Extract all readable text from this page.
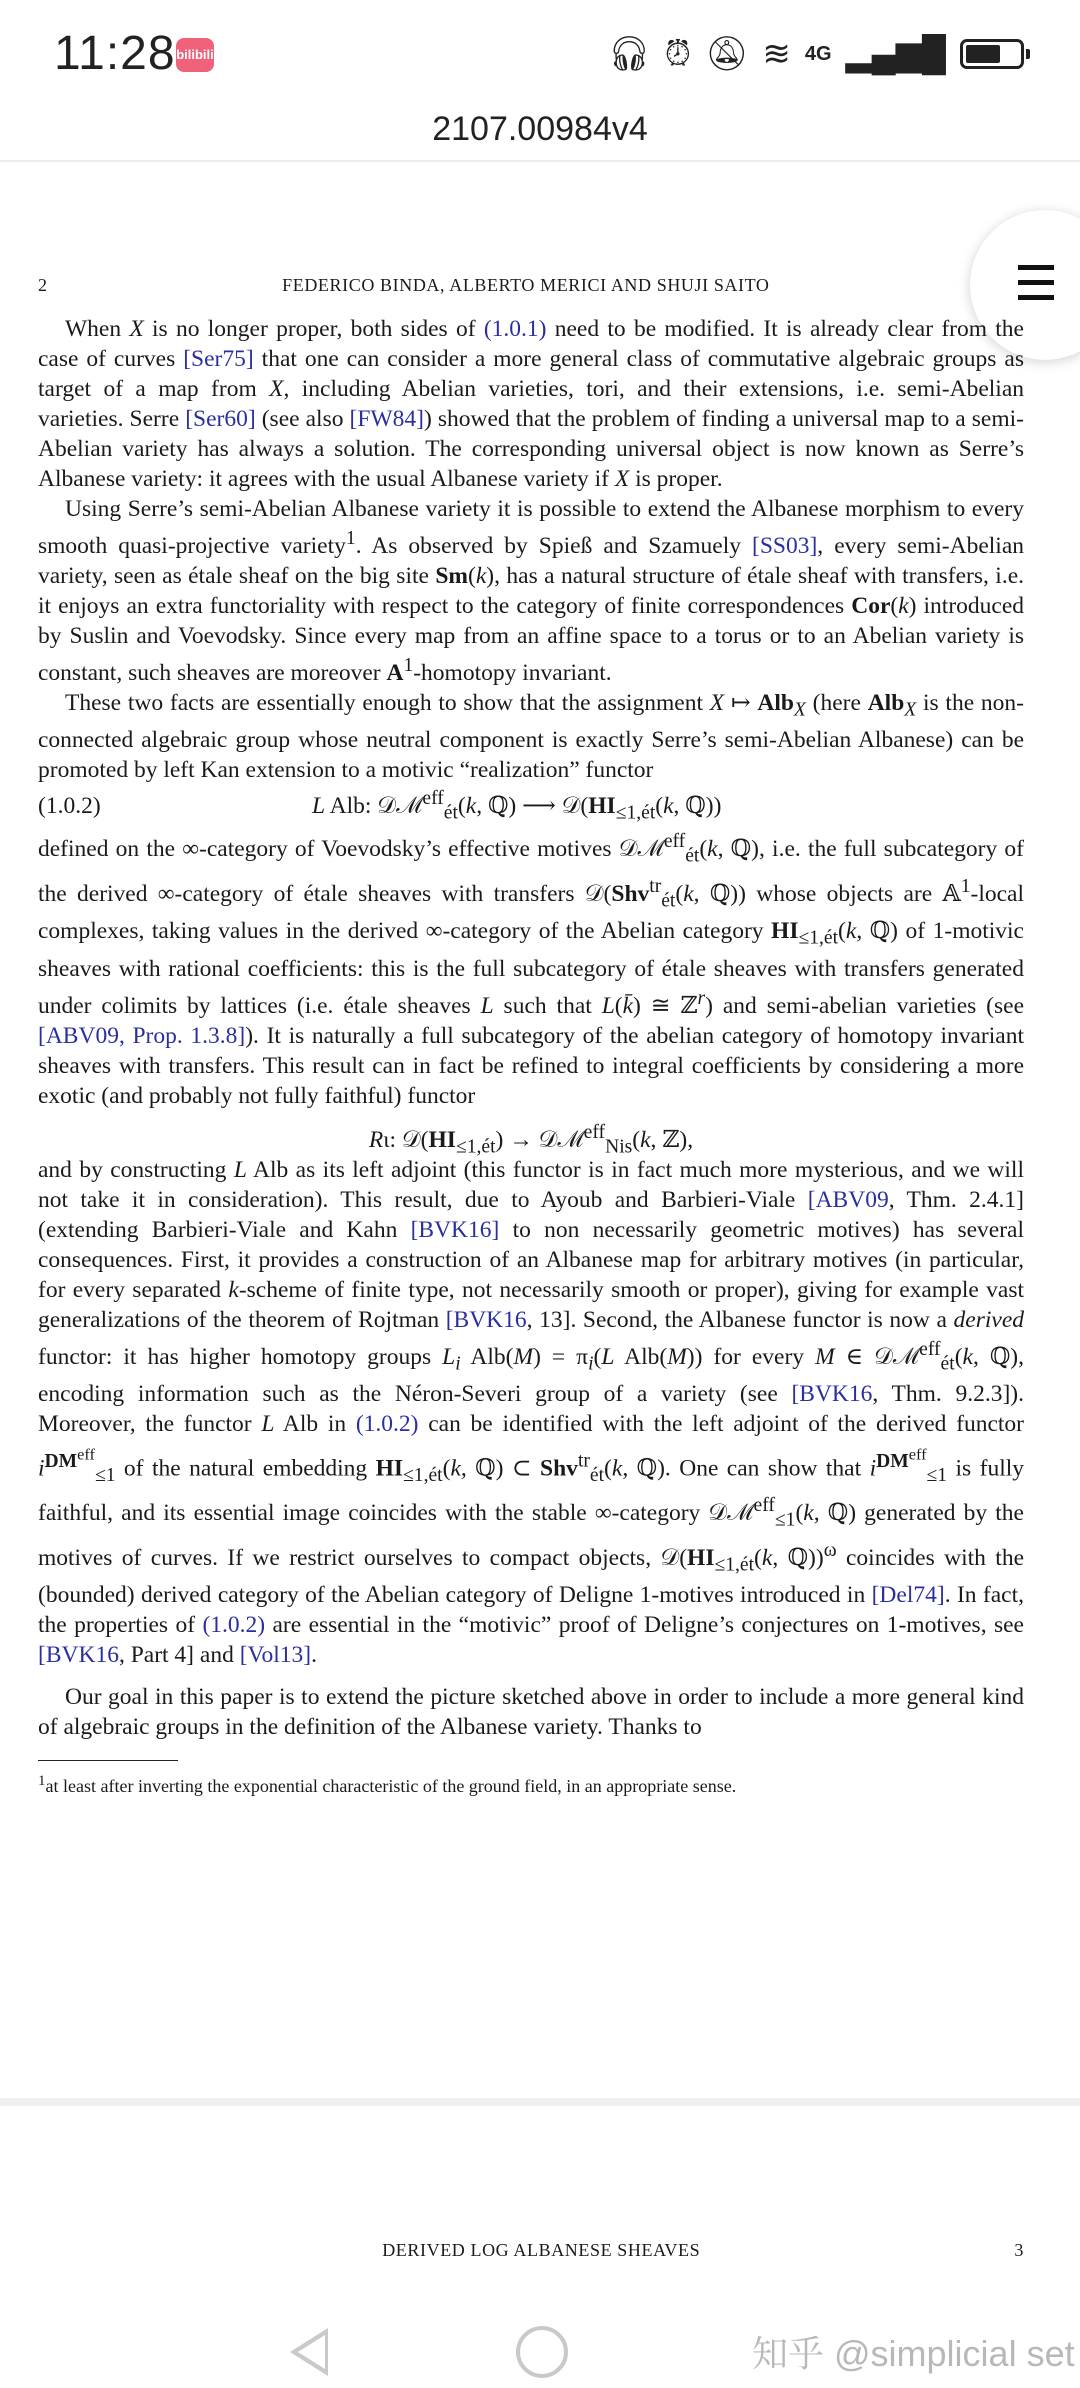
11:28 bilibili	🎧︎ ⏰︎ 🔕︎ ≋ 4G ▂▄▆█
2107.00984v4
2	FEDERICO BINDA, ALBERTO MERICI AND SHUJI SAITO

When X is no longer proper, both sides of (1.0.1) need to be modified. It is already clear from the case of curves [Ser75] that one can consider a more general class of commutative algebraic groups as target of a map from X, including Abelian varieties, tori, and their extensions, i.e. semi-Abelian varieties. Serre [Ser60] (see also [FW84]) showed that the problem of finding a universal map to a semi-Abelian variety has always a solution. The corresponding universal object is now known as Serre’s Albanese variety: it agrees with the usual Albanese variety if X is proper.

Using Serre’s semi-Abelian Albanese variety it is possible to extend the Albanese morphism to every smooth quasi-projective variety$^1$. As observed by Spieß and Szamuely [SS03], every semi-Abelian variety, seen as étale sheaf on the big site Sm(k), has a natural structure of étale sheaf with transfers, i.e. it enjoys an extra functoriality with respect to the category of finite correspondences Cor(k) introduced by Suslin and Voevodsky. Since every map from an affine space to a torus or to an Abelian variety is constant, such sheaves are moreover $A^1$-homotopy invariant.

These two facts are essentially enough to show that the assignment X ↦ Alb$_X$ (here Alb$_X$ is the non-connected algebraic group whose neutral component is exactly Serre’s semi-Abelian Albanese) can be promoted by left Kan extension to a motivic “realization” functor

(1.0.2)	L Alb: 𝒟ℳ$^{eff}_{ét}$(k, ℚ) ⟶ $𝒟(HI_{\le 1,ét}(k$, ℚ))

defined on the ∞-category of Voevodsky’s effective motives 𝒟ℳ$^{eff}_{ét}$(k, ℚ), i.e. the full subcategory of the derived ∞-category of étale sheaves with transfers 𝒟(Shv$^{tr}_{ét}$(k, ℚ)) whose objects are 𝔸$^1$-local complexes, taking values in the derived ∞-category of the Abelian category $HI_{\le 1,ét}(k$, ℚ) of 1-motivic sheaves with rational coefficients: this is the full subcategory of étale sheaves with transfers generated under colimits by lattices (i.e. étale sheaves L such that L(k̄) ≅ ℤ$^r$) and semi-abelian varieties (see [ABV09, Prop. 1.3.8]). It is naturally a full subcategory of the abelian category of homotopy invariant sheaves with transfers. This result can in fact be refined to integral coefficients by considering a more exotic (and probably not fully faithful) functor

Rι: $𝒟(HI_{\le 1,ét})$ → 𝒟ℳ$^{eff}_{Nis}$(k, ℤ),

and by constructing L Alb as its left adjoint (this functor is in fact much more mysterious, and we will not take it in consideration). This result, due to Ayoub and Barbieri-Viale [ABV09, Thm. 2.4.1] (extending Barbieri-Viale and Kahn [BVK16] to non necessarily geometric motives) has several consequences. First, it provides a construction of an Albanese map for arbitrary motives (in particular, for every separated k-scheme of finite type, not necessarily smooth or proper), giving for example vast generalizations of the theorem of Rojtman [BVK16, 13]. Second, the Albanese functor is now a derived functor: it has higher homotopy groups $L_i$ $Alb(M) = \pi_i(L$ Alb(M)) for every M ∈ 𝒟ℳ$^{eff}_{ét}$(k, ℚ), encoding information such as the Néron-Severi group of a variety (see [BVK16, Thm. 9.2.3]). Moreover, the functor L Alb in (1.0.2) can be identified with the left adjoint of the derived functor $i^{DM^{eff}}_{\le 1}$ of the natural embedding $HI_{\le 1,ét}(k$, ℚ) ⊂ Shv$^{tr}_{ét}$(k, ℚ). One can show that $i^{DM^{eff}}_{\le 1}$ is fully faithful, and its essential image coincides with the stable ∞-category 𝒟ℳ$^{eff}_{\le 1}$(k, ℚ) generated by the motives of curves. If we restrict ourselves to compact objects, $𝒟(HI_{\le 1,ét}(k$, ℚ))$^\omega$ coincides with the (bounded) derived category of the Abelian category of Deligne 1-motives introduced in [Del74]. In fact, the properties of (1.0.2) are essential in the “motivic” proof of Deligne’s conjectures on 1-motives, see [BVK16, Part 4] and [Vol13].

Our goal in this paper is to extend the picture sketched above in order to include a more general kind of algebraic groups in the definition of the Albanese variety. Thanks to

$^1$at least after inverting the exponential characteristic of the ground field, in an appropriate sense.
DERIVED LOG ALBANESE SHEAVES	3
知乎 @simplicial set
